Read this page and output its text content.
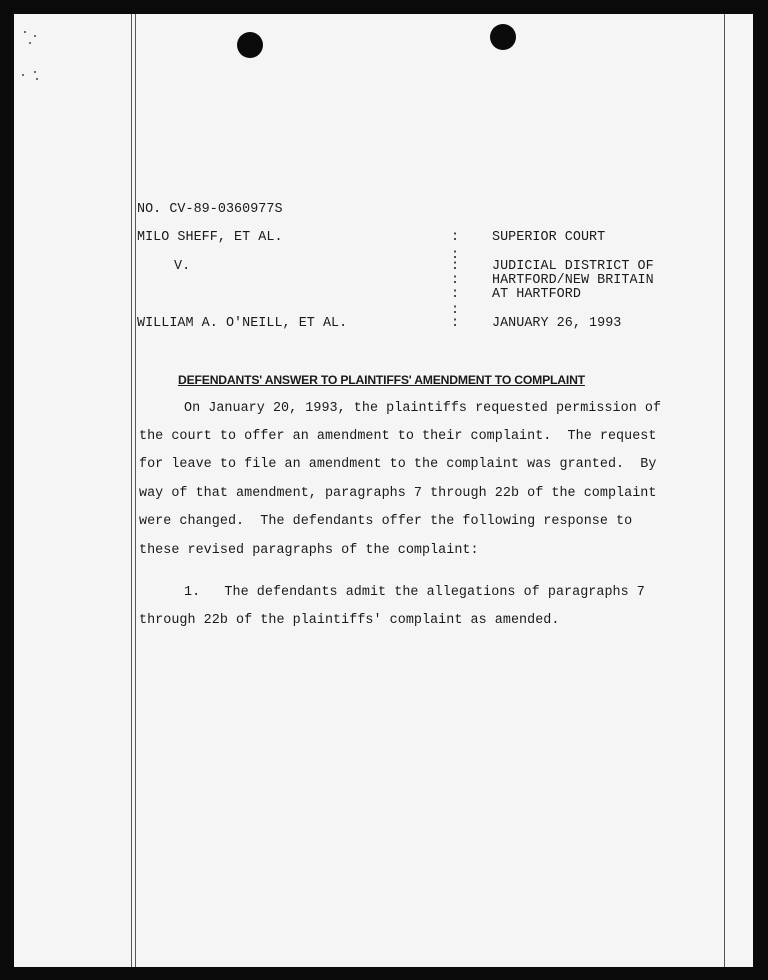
NO. CV-89-0360977S

MILO SHEFF, ET AL.

V.

WILLIAM A. O'NEILL, ET AL.

:

:

:

:

:

:

:

SUPERIOR COURT

JUDICIAL DISTRICT OF

HARTFORD/NEW BRITAIN

AT HARTFORD

JANUARY 26, 1993

DEFENDANTS' ANSWER TO PLAINTIFFS' AMENDMENT TO COMPLAINT

On January 20, 1993, the plaintiffs requested permission of

the court to offer an amendment to their complaint.  The request

for leave to file an amendment to the complaint was granted.  By

way of that amendment, paragraphs 7 through 22b of the complaint

were changed.  The defendants offer the following response to

these revised paragraphs of the complaint:

1.   The defendants admit the allegations of paragraphs 7

through 22b of the plaintiffs' complaint as amended.
